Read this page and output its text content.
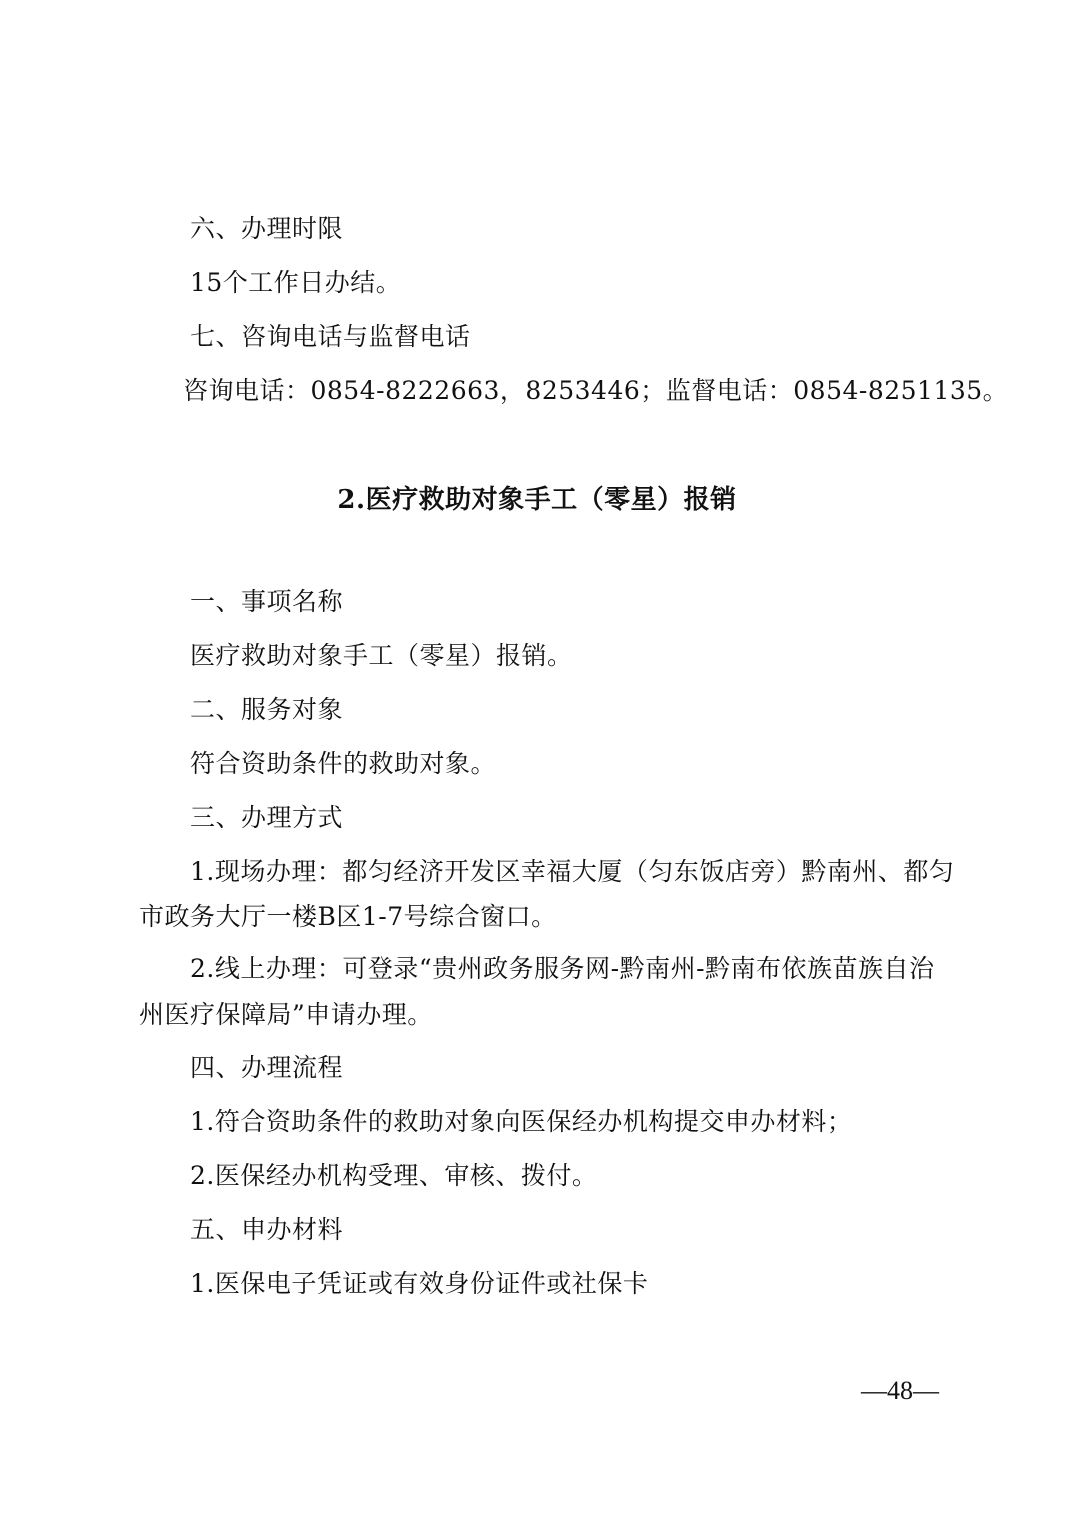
六、办理时限
15个工作日办结。
七、咨询电话与监督电话
咨询电话：0854-8222663，8253446；监督电话：0854-8251135。
2.医疗救助对象手工（零星）报销
一、事项名称
医疗救助对象手工（零星）报销。
二、服务对象
符合资助条件的救助对象。
三、办理方式
1.现场办理：都匀经济开发区幸福大厦（匀东饭店旁）黔南州、都匀
市政务大厅一楼B区1-7号综合窗口。
2.线上办理：可登录“贵州政务服务网-黔南州-黔南布依族苗族自治
州医疗保障局”申请办理。
四、办理流程
1.符合资助条件的救助对象向医保经办机构提交申办材料；
2.医保经办机构受理、审核、拨付。
五、申办材料
1.医保电子凭证或有效身份证件或社保卡
—48—
